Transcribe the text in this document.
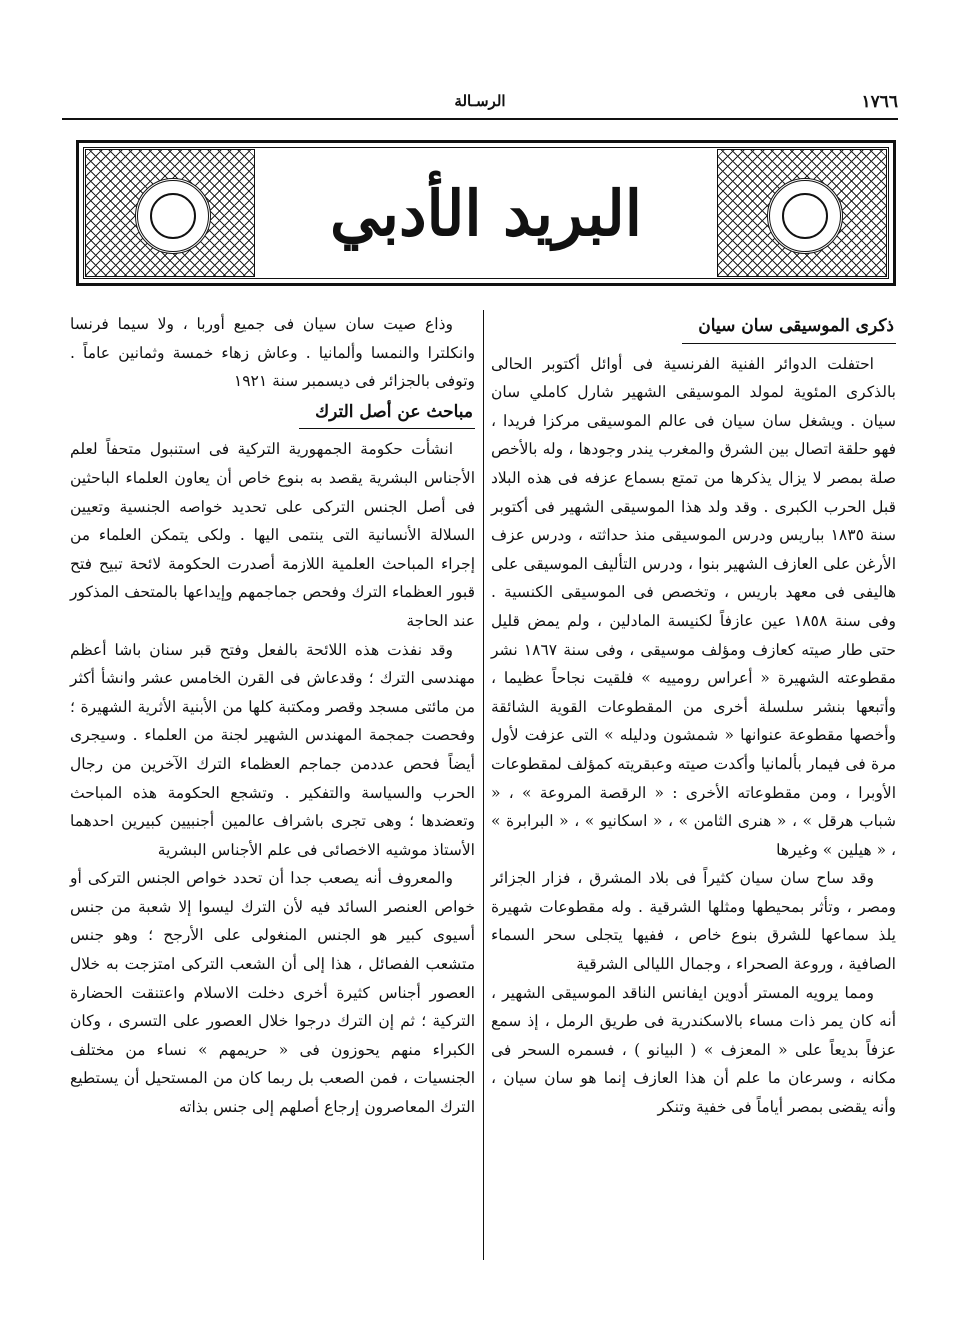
١٧٦٦
الرسـالة
البريد الأدبي
ذكرى الموسيقى سان سيان

احتفلت الدوائر الفنية الفرنسية فى أوائل أكتوبر الحالى بالذكرى المئوية لمولد الموسيقى الشهير شارل كاملي سان سيان . ويشغل سان سيان فى عالم الموسيقى مركزا فريدا ، فهو حلقة اتصال بين الشرق والمغرب يندر وجودها ، وله بالأخص صلة بمصر لا يزال يذكرها من تمتع بسماع عزفه فى هذه البلاد قبل الحرب الكبرى . وقد ولد هذا الموسيقى الشهير فى أكتوبر سنة ١٨٣٥ بباريس ودرس الموسيقى منذ حداثته ، ودرس عزف الأرغن على العازف الشهير بنوا ، ودرس التأليف الموسيقى على هاليفى فى معهد باريس ، وتخصص فى الموسيقى الكنسية . وفى سنة ١٨٥٨ عين عازفاً لكنيسة المادلين ، ولم يمض قليل حتى طار صيته كعازف ومؤلف موسيقى ، وفى سنة ١٨٦٧ نشر مقطوعته الشهيرة « أعراس رومييه » فلقيت نجاحاً عظيما ، وأتبعها بنشر سلسلة أخرى من المقطوعات القوية الشائقة وأخصها مقطوعة عنوانها « شمشون ودليله » التى عزفت لأول مرة فى فيمار بألمانيا وأكدت صيته وعبقريته كمؤلف لمقطوعات الأوبرا ، ومن مقطوعاته الأخرى : « الرقصة المروعة » ، « شباب هرقل » ، « هنرى الثامن » ، « اسكانيو » ، « البرابرة » ، « هيلين » وغيرها

وقد ساح سان سيان كثيراً فى بلاد المشرق ، فزار الجزائر ومصر ، وتأثر بمحيطها ومثلها الشرقية . وله مقطوعات شهيرة يلذ سماعها للشرق بنوع خاص ، ففيها يتجلى سحر السماء الصافية ، وروعة الصحراء ، وجمال الليالى الشرقية

ومما يرويه المستر أدوين ايفانس الناقد الموسيقى الشهير ، أنه كان يمر ذات مساء بالاسكندرية فى طريق الرمل ، إذ سمع عزفاً بديعاً على « المعزف » ( البيانو ) ، فسمره السحر فى مكانه ، وسرعان ما علم أن هذا العازف إنما هو سان سيان ، وأنه يقضى بمصر أياماً فى خفية وتنكر

وذاع صيت سان سيان فى جميع أوربا ، ولا سيما فرنسا وانكلترا والنمسا وألمانيا . وعاش زهاء خمسة وثمانين عاماً . وتوفى بالجزائر فى ديسمبر سنة ١٩٢١

مباحث عن أصل الترك

انشأت حكومة الجمهورية التركية فى استنبول متحفاً لعلم الأجناس البشرية يقصد به بنوع خاص أن يعاون العلماء الباحثين فى أصل الجنس التركى على تحديد خواصه الجنسية وتعيين السلالة الأنسانية التى ينتمى اليها . ولكى يتمكن العلماء من إجراء المباحث العلمية اللازمة أصدرت الحكومة لائحة تبيح فتح قبور العظماء الترك وفحص جماجمهم وإيداعها بالمتحف المذكور عند الحاجة

وقد نفذت هذه اللائحة بالفعل وفتح قبر سنان باشا أعظم مهندسى الترك ؛ وقدعاش فى القرن الخامس عشر وانشأ أكثر من مائتى مسجد وقصر ومكتبة كلها من الأبنية الأثرية الشهيرة ؛ وفحصت جمجمة المهندس الشهير لجنة من العلماء . وسيجرى أيضاً فحص عددمن جماجم العظماء الترك الآخرين من رجال الحرب والسياسة والتفكير . وتشجع الحكومة هذه المباحث وتعضدها ؛ وهى تجرى باشراف عالمين أجنبيين كبيرين احدهما الأستاذ موشيه الاخصائى فى علم الأجناس البشرية

والمعروف أنه يصعب جدا أن تحدد خواص الجنس التركى أو خواص العنصر السائد فيه لأن الترك ليسوا إلا شعبة من جنس أسيوى كبير هو الجنس المنغولى على الأرجح ؛ وهو جنس متشعب الفصائل ، هذا إلى أن الشعب التركى امتزجت به خلال العصور أجناس كثيرة أخرى دخلت الاسلام واعتنقت الحضارة التركية ؛ ثم إن الترك درجوا خلال العصور على التسرى ، وكان الكبراء منهم يحوزون فى « حريمهم » نساء من مختلف الجنسيات ، فمن الصعب بل ربما كان من المستحيل أن يستطيع الترك المعاصرون إرجاع أصلهم إلى جنس بذاته
